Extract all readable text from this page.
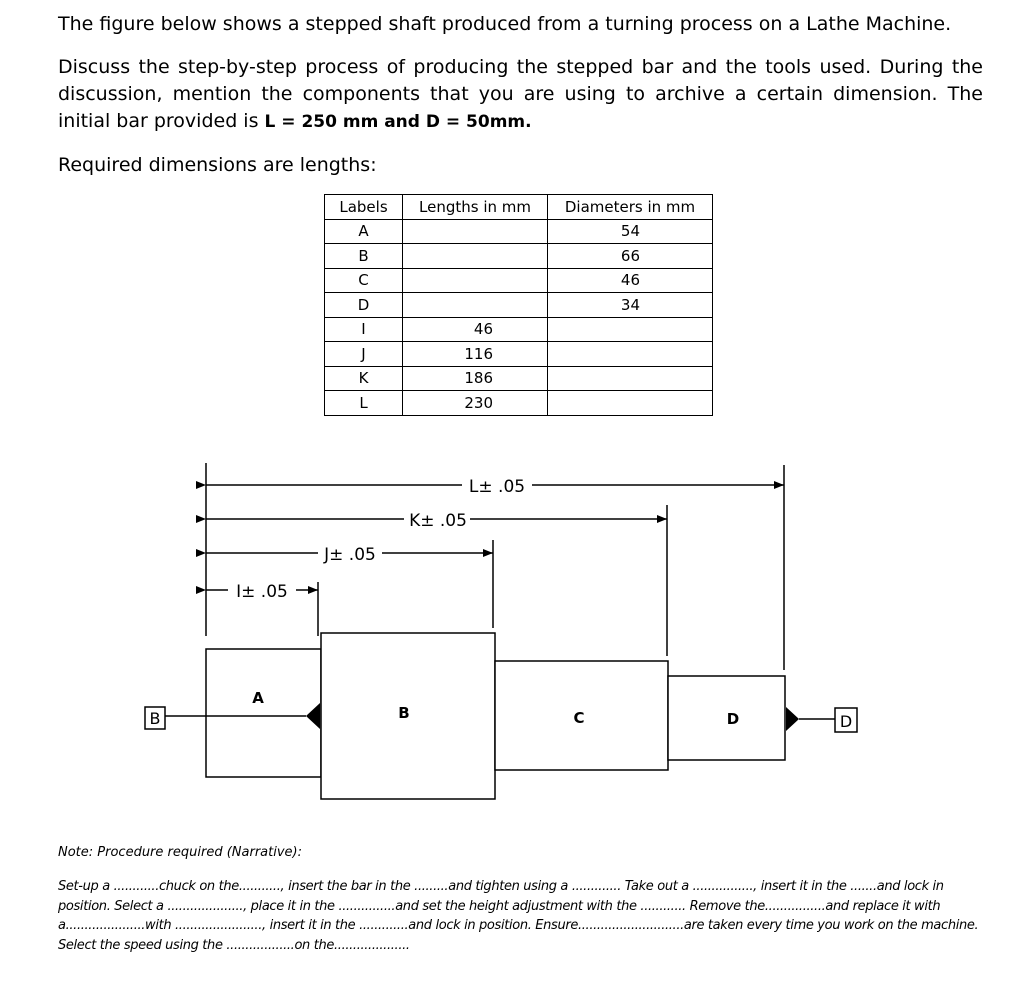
The figure below shows a stepped shaft produced from a turning process on a Lathe Machine.

Discuss the step-by-step process of producing the stepped bar and the tools used. During the discussion, mention the components that you are using to archive a certain dimension. The initial bar provided is L = 250 mm and D = 50mm.

Required dimensions are lengths:

Labels	Lengths in mm	Diameters in mm
A		54
B		66
C		46
D		34
I	46	
J	116	
K	186	
L	230	
L± .05
K± .05
J± .05
I± .05
A
B	C	D
B	D

Note: Procedure required (Narrative):

Set-up a ............chuck on the..........., insert the bar in the .........and tighten using a ............. Take out a ................, insert it in the .......and lock in position. Select a ...................., place it in the ...............and set the height adjustment with the ............ Remove the................and replace it with a.....................with ......................., insert it in the .............and lock in position. Ensure............................are taken every time you work on the machine. Select the speed using the ..................on the....................
